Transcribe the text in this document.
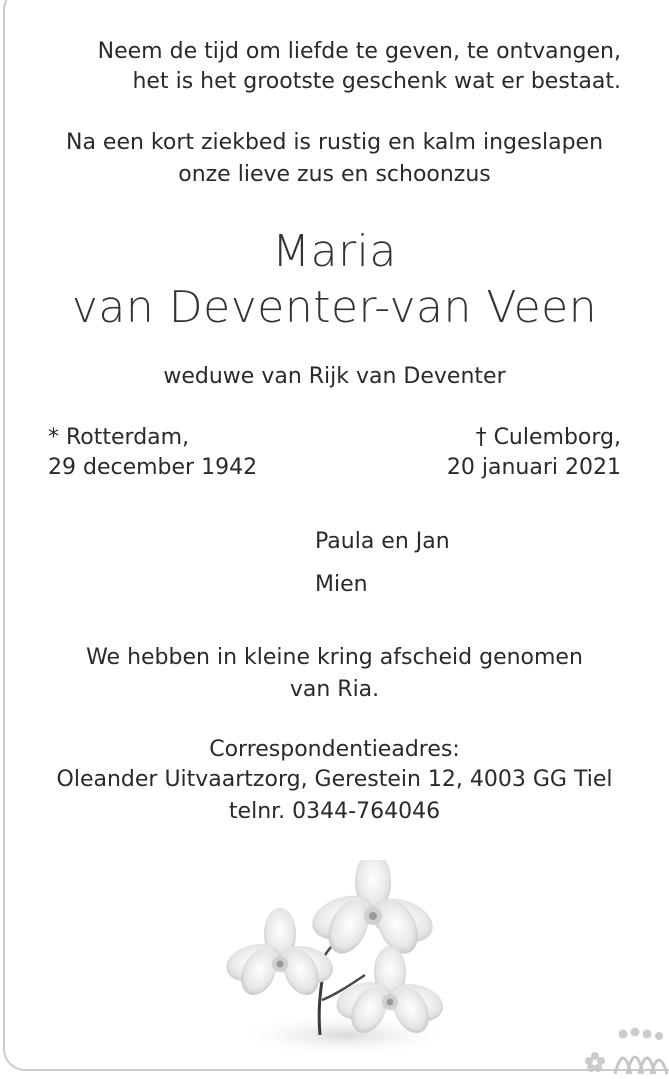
Neem de tijd om liefde te geven, te ontvangen,
het is het grootste geschenk wat er bestaat.
Na een kort ziekbed is rustig en kalm ingeslapen
onze lieve zus en schoonzus
Maria
van Deventer-van Veen
weduwe van Rijk van Deventer
* Rotterdam,
29 december 1942
† Culemborg,
20 januari 2021
Paula en Jan
Mien
We hebben in kleine kring afscheid genomen
van Ria.
Correspondentieadres:
Oleander Uitvaartzorg, Gerestein 12, 4003 GG Tiel
telnr. 0344-764046
